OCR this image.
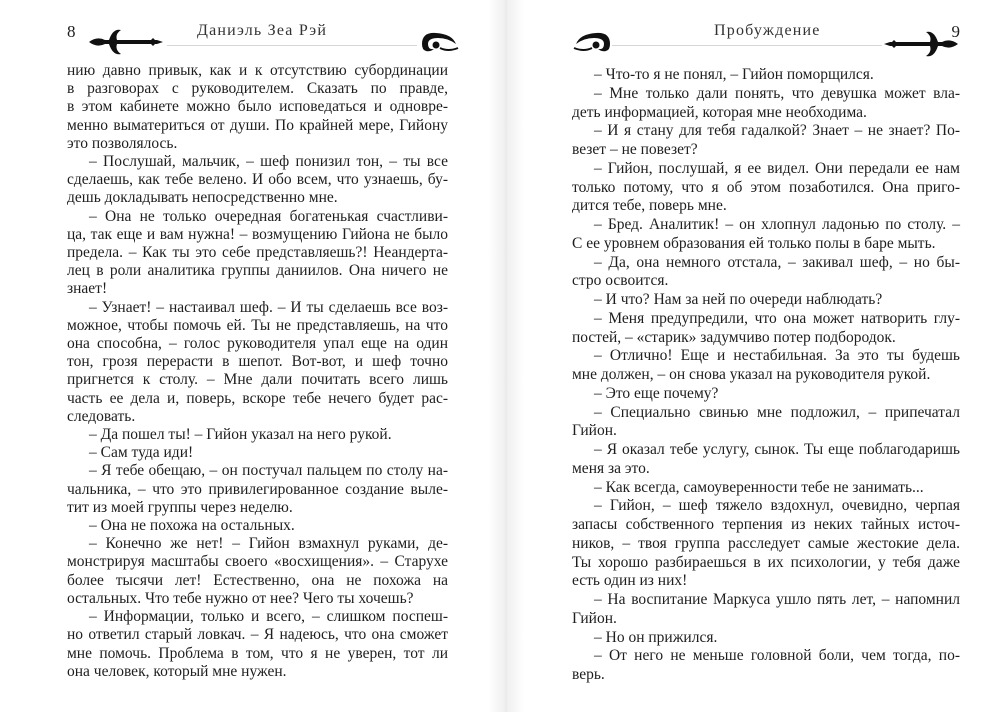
8	Даниэль Зеа Рэй
нию давно привык, как и к отсутствию субординации
в разговорах с руководителем. Сказать по правде,
в этом кабинете можно было исповедаться и одновре-
менно выматериться от души. По крайней мере, Гийону
это позволялось.
– Послушай, мальчик, – шеф понизил тон, – ты все
сделаешь, как тебе велено. И обо всем, что узнаешь, бу-
дешь докладывать непосредственно мне.
– Она не только очередная богатенькая счастливи-
ца, так еще и вам нужна! – возмущению Гийона не было
предела. – Как ты это себе представляешь?! Неандерта-
лец в роли аналитика группы даниилов. Она ничего не
знает!
– Узнает! – настаивал шеф. – И ты сделаешь все воз-
можное, чтобы помочь ей. Ты не представляешь, на что
она способна, – голос руководителя упал еще на один
тон, грозя перерасти в шепот. Вот-вот, и шеф точно
пригнется к столу. – Мне дали почитать всего лишь
часть ее дела и, поверь, вскоре тебе нечего будет рас-
следовать.
– Да пошел ты! – Гийон указал на него рукой.
– Сам туда иди!
– Я тебе обещаю, – он постучал пальцем по столу на-
чальника, – что это привилегированное создание выле-
тит из моей группы через неделю.
– Она не похожа на остальных.
– Конечно же нет! – Гийон взмахнул руками, де-
монстрируя масштабы своего «восхищения». – Старухе
более тысячи лет! Естественно, она не похожа на
остальных. Что тебе нужно от нее? Чего ты хочешь?
– Информации, только и всего, – слишком поспеш-
но ответил старый ловкач. – Я надеюсь, что она сможет
мне помочь. Проблема в том, что я не уверен, тот ли
она человек, который мне нужен.
Пробуждение	9
– Что-то я не понял, – Гийон поморщился.
– Мне только дали понять, что девушка может вла-
деть информацией, которая мне необходима.
– И я стану для тебя гадалкой? Знает – не знает? По-
везет – не повезет?
– Гийон, послушай, я ее видел. Они передали ее нам
только потому, что я об этом позаботился. Она приго-
дится тебе, поверь мне.
– Бред. Аналитик! – он хлопнул ладонью по столу. –
С ее уровнем образования ей только полы в баре мыть.
– Да, она немного отстала, – закивал шеф, – но бы-
стро освоится.
– И что? Нам за ней по очереди наблюдать?
– Меня предупредили, что она может натворить глу-
постей, – «старик» задумчиво потер подбородок.
– Отлично! Еще и нестабильная. За это ты будешь
мне должен, – он снова указал на руководителя рукой.
– Это еще почему?
– Специально свинью мне подложил, – припечатал
Гийон.
– Я оказал тебе услугу, сынок. Ты еще поблагодаришь
меня за это.
– Как всегда, самоуверенности тебе не занимать...
– Гийон, – шеф тяжело вздохнул, очевидно, черпая
запасы собственного терпения из неких тайных источ-
ников, – твоя группа расследует самые жестокие дела.
Ты хорошо разбираешься в их психологии, у тебя даже
есть один из них!
– На воспитание Маркуса ушло пять лет, – напомнил
Гийон.
– Но он прижился.
– От него не меньше головной боли, чем тогда, по-
верь.
